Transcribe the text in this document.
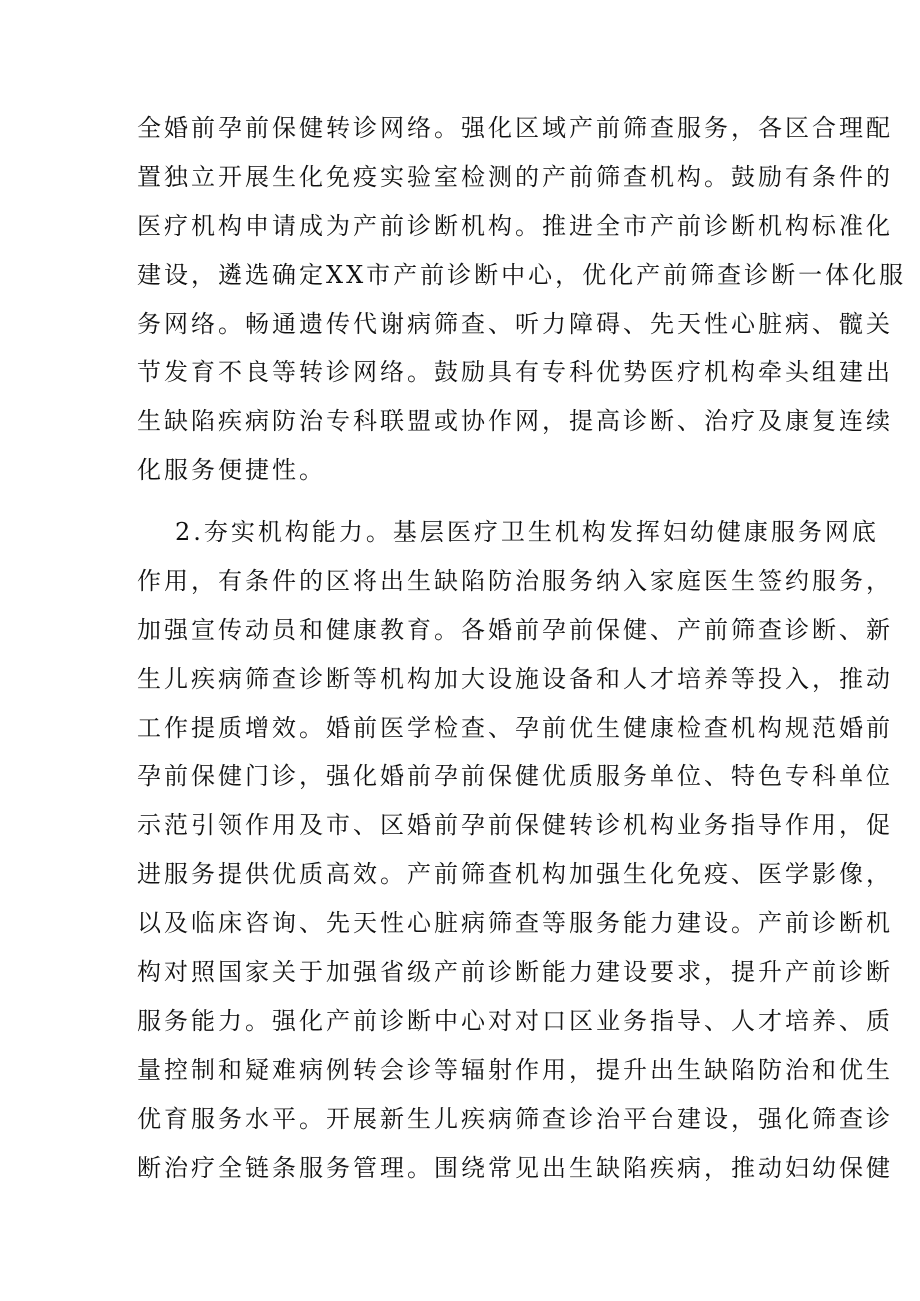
全婚前孕前保健转诊网络。强化区域产前筛查服务，各区合理配
置独立开展生化免疫实验室检测的产前筛查机构。鼓励有条件的
医疗机构申请成为产前诊断机构。推进全市产前诊断机构标准化
建设，遴选确定XX市产前诊断中心，优化产前筛查诊断一体化服
务网络。畅通遗传代谢病筛查、听力障碍、先天性心脏病、髋关
节发育不良等转诊网络。鼓励具有专科优势医疗机构牵头组建出
生缺陷疾病防治专科联盟或协作网，提高诊断、治疗及康复连续
化服务便捷性。
2.夯实机构能力。基层医疗卫生机构发挥妇幼健康服务网底
作用，有条件的区将出生缺陷防治服务纳入家庭医生签约服务，
加强宣传动员和健康教育。各婚前孕前保健、产前筛查诊断、新
生儿疾病筛查诊断等机构加大设施设备和人才培养等投入，推动
工作提质增效。婚前医学检查、孕前优生健康检查机构规范婚前
孕前保健门诊，强化婚前孕前保健优质服务单位、特色专科单位
示范引领作用及市、区婚前孕前保健转诊机构业务指导作用，促
进服务提供优质高效。产前筛查机构加强生化免疫、医学影像，
以及临床咨询、先天性心脏病筛查等服务能力建设。产前诊断机
构对照国家关于加强省级产前诊断能力建设要求，提升产前诊断
服务能力。强化产前诊断中心对对口区业务指导、人才培养、质
量控制和疑难病例转会诊等辐射作用，提升出生缺陷防治和优生
优育服务水平。开展新生儿疾病筛查诊治平台建设，强化筛查诊
断治疗全链条服务管理。围绕常见出生缺陷疾病，推动妇幼保健
